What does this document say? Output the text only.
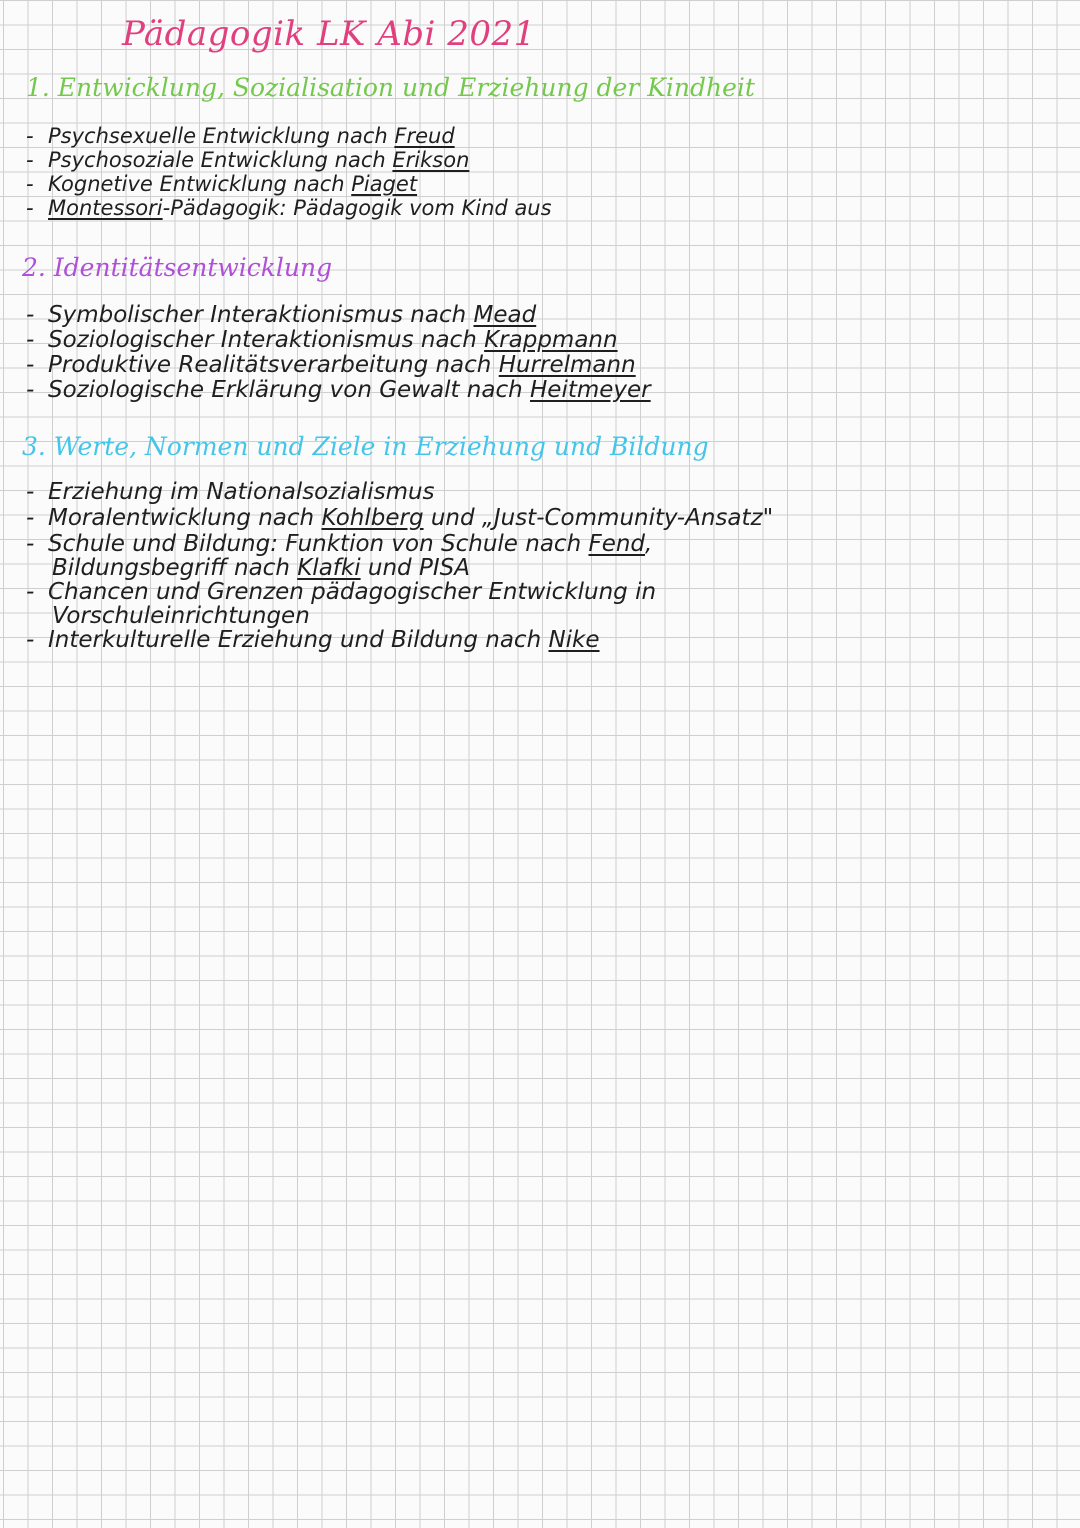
Pädagogik LK Abi 2021
1. Entwicklung, Sozialisation und Erziehung der Kindheit
- Psychsexuelle Entwicklung nach Freud
- Psychosoziale Entwicklung nach Erikson
- Kognetive Entwicklung nach Piaget
- Montessori-Pädagogik: Pädagogik vom Kind aus
2. Identitätsentwicklung
- Symbolischer Interaktionismus nach Mead
- Soziologischer Interaktionismus nach Krappmann
- Produktive Realitätsverarbeitung nach Hurrelmann
- Soziologische Erklärung von Gewalt nach Heitmeyer
3. Werte, Normen und Ziele in Erziehung und Bildung
- Erziehung im Nationalsozialismus
- Moralentwicklung nach Kohlberg und „Just-Community-Ansatz"
- Schule und Bildung: Funktion von Schule nach Fend,
Bildungsbegriff nach Klafki und PISA
- Chancen und Grenzen pädagogischer Entwicklung in
Vorschuleinrichtungen
- Interkulturelle Erziehung und Bildung nach Nike
